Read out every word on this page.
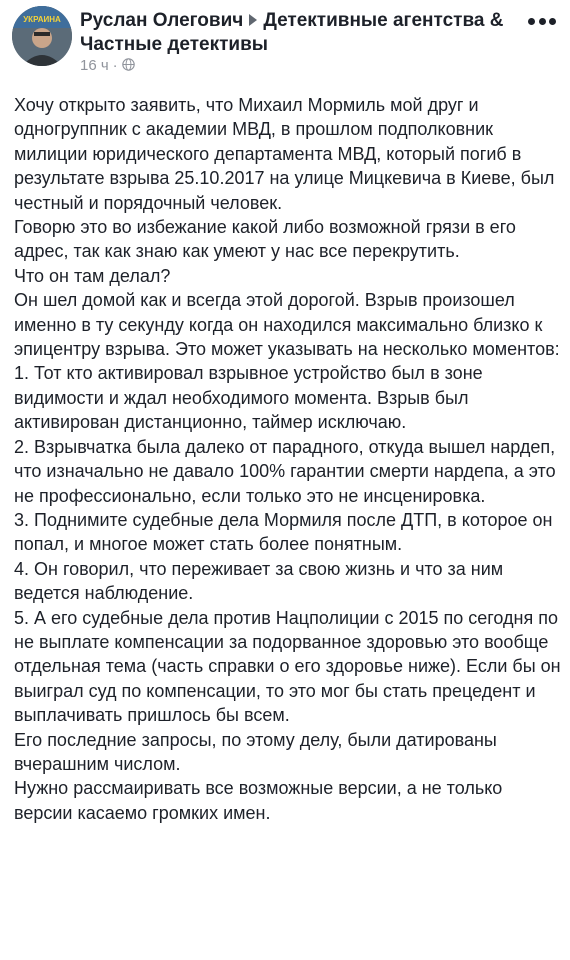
УКРАИНА Руслан Олегович Детективные агентства & Частные детективы
16 ч ·
Хочу открыто заявить, что Михаил Мормиль мой друг и одногруппник с академии МВД, в прошлом подполковник милиции юридического департамента МВД, который погиб в результате взрыва 25.10.2017 на улице Мицкевича в Киеве, был честный и порядочный человек.
Говорю это во избежание какой либо возможной грязи в его адрес, так как знаю как умеют у нас все перекрутить.
Что он там делал?
Он шел домой как и всегда этой дорогой. Взрыв произошел именно в ту секунду когда он находился максимально близко к эпицентру взрыва. Это может указывать на несколько моментов:
1. Тот кто активировал взрывное устройство был в зоне видимости и ждал необходимого момента. Взрыв был активирован дистанционно, таймер исключаю.
2. Взрывчатка была далеко от парадного, откуда вышел нардеп, что изначально не давало 100% гарантии смерти нардепа, а это не профессионально, если только это не инсценировка.
3. Поднимите судебные дела Мормиля после ДТП, в которое он попал, и многое может стать более понятным.
4. Он говорил, что переживает за свою жизнь и что за ним ведется наблюдение.
5. А его судебные дела против Нацполиции с 2015 по сегодня по не выплате компенсации за подорванное здоровью это вообще отдельная тема (часть справки о его здоровье ниже). Если бы он выиграл суд по компенсации, то это мог бы стать прецедент и выплачивать пришлось бы всем.
Его последние запросы, по этому делу, были датированы вчерашним числом.
Нужно рассмаиривать все возможные версии, а не только версии касаемо громких имен.
